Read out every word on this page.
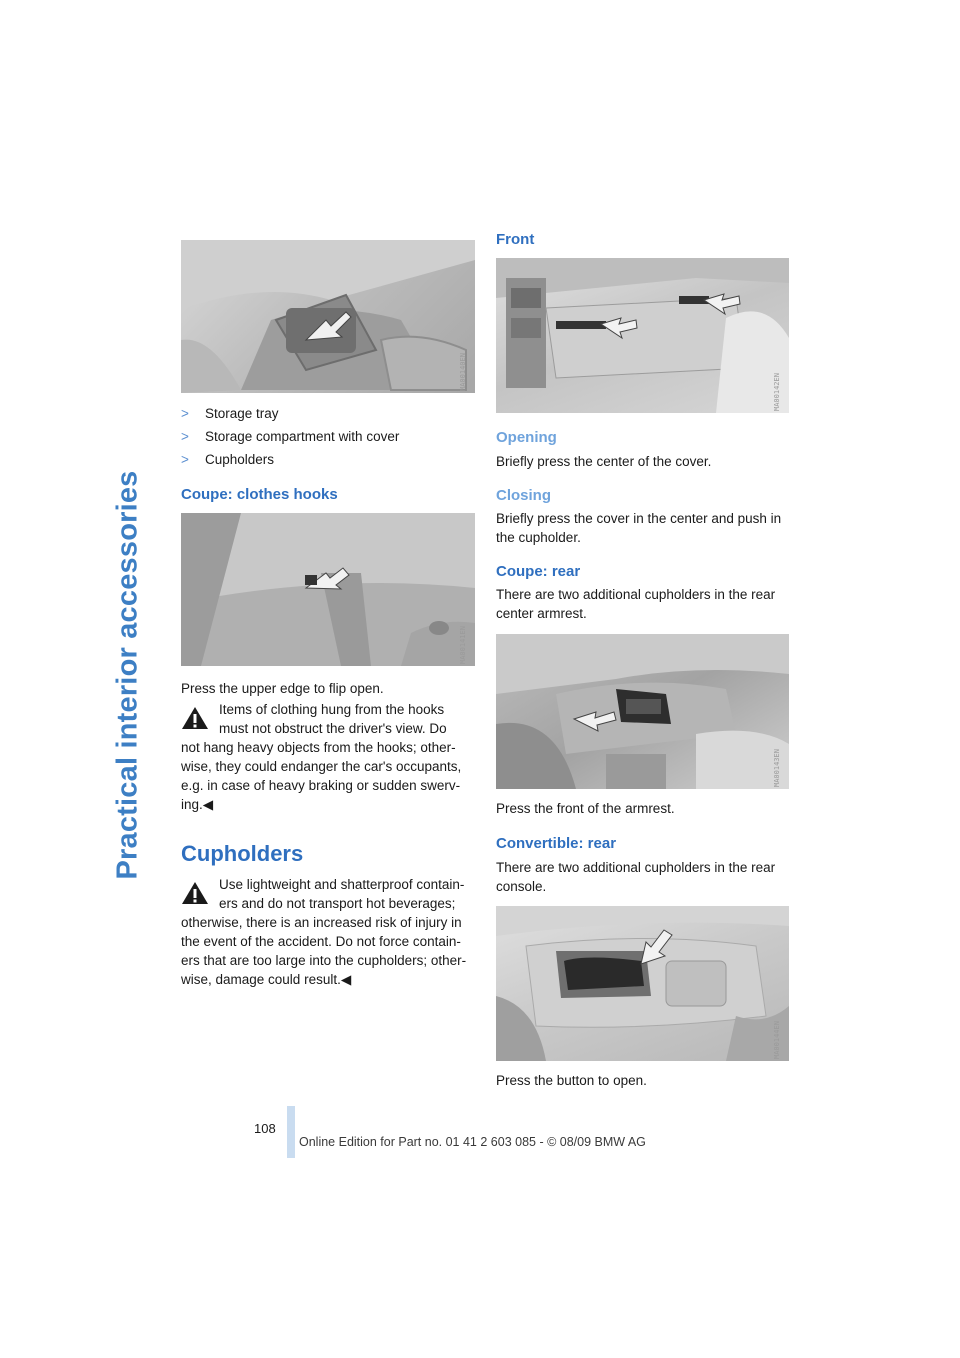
Practical interior accessories
MA00140EN
> Storage tray
> Storage compartment with cover
> Cupholders
Coupe: clothes hooks
MA00141EN
Press the upper edge to flip open.
Items of clothing hung from the hooks
must not obstruct the driver's view. Do
not hang heavy objects from the hooks; other-
wise, they could endanger the car's occupants,
e.g. in case of heavy braking or sudden swerv-
ing.◀
Cupholders
Use lightweight and shatterproof contain-
ers and do not transport hot beverages;
otherwise, there is an increased risk of injury in
the event of the accident. Do not force contain-
ers that are too large into the cupholders; other-
wise, damage could result.◀
Front
MA00142EN
Opening
Briefly press the center of the cover.
Closing
Briefly press the cover in the center and push in
the cupholder.
Coupe: rear
There are two additional cupholders in the rear
center armrest.
MA00143EN
Press the front of the armrest.
Convertible: rear
There are two additional cupholders in the rear
console.
MA00144EN
Press the button to open.
108
Online Edition for Part no. 01 41 2 603 085 - © 08/09 BMW AG
